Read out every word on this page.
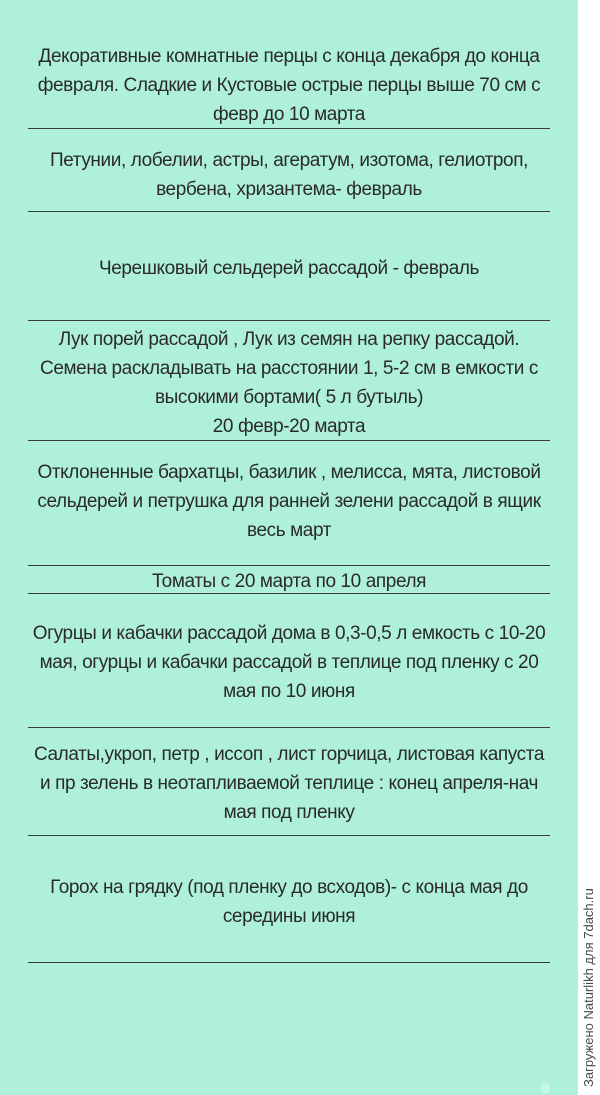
Декоративные комнатные перцы с конца декабря до конца февраля. Сладкие и Кустовые острые перцы выше 70 см с февр до 10 марта
Петунии, лобелии, астры, агератум, изотома, гелиотроп, вербена, хризантема- февраль
Черешковый сельдерей рассадой - февраль
Лук порей рассадой , Лук из семян на репку рассадой. Семена раскладывать на расстоянии 1, 5-2 см в емкости с высокими бортами( 5 л бутыль)
20 февр-20 марта
Отклоненные бархатцы, базилик , мелисса, мята, листовой сельдерей и петрушка для ранней зелени рассадой в ящик весь март
Томаты с 20 марта по 10 апреля
Огурцы и кабачки рассадой дома в 0,3-0,5 л емкость с 10-20 мая, огурцы и кабачки рассадой в теплице под пленку с 20 мая по 10 июня
Салаты,укроп, петр , иссоп , лист горчица, листовая капуста и пр зелень в неотапливаемой теплице : конец апреля-нач мая под пленку
Горох на грядку (под пленку до всходов)- с конца мая до середины июня	Загружено Naturlikh для 7dach.ru
